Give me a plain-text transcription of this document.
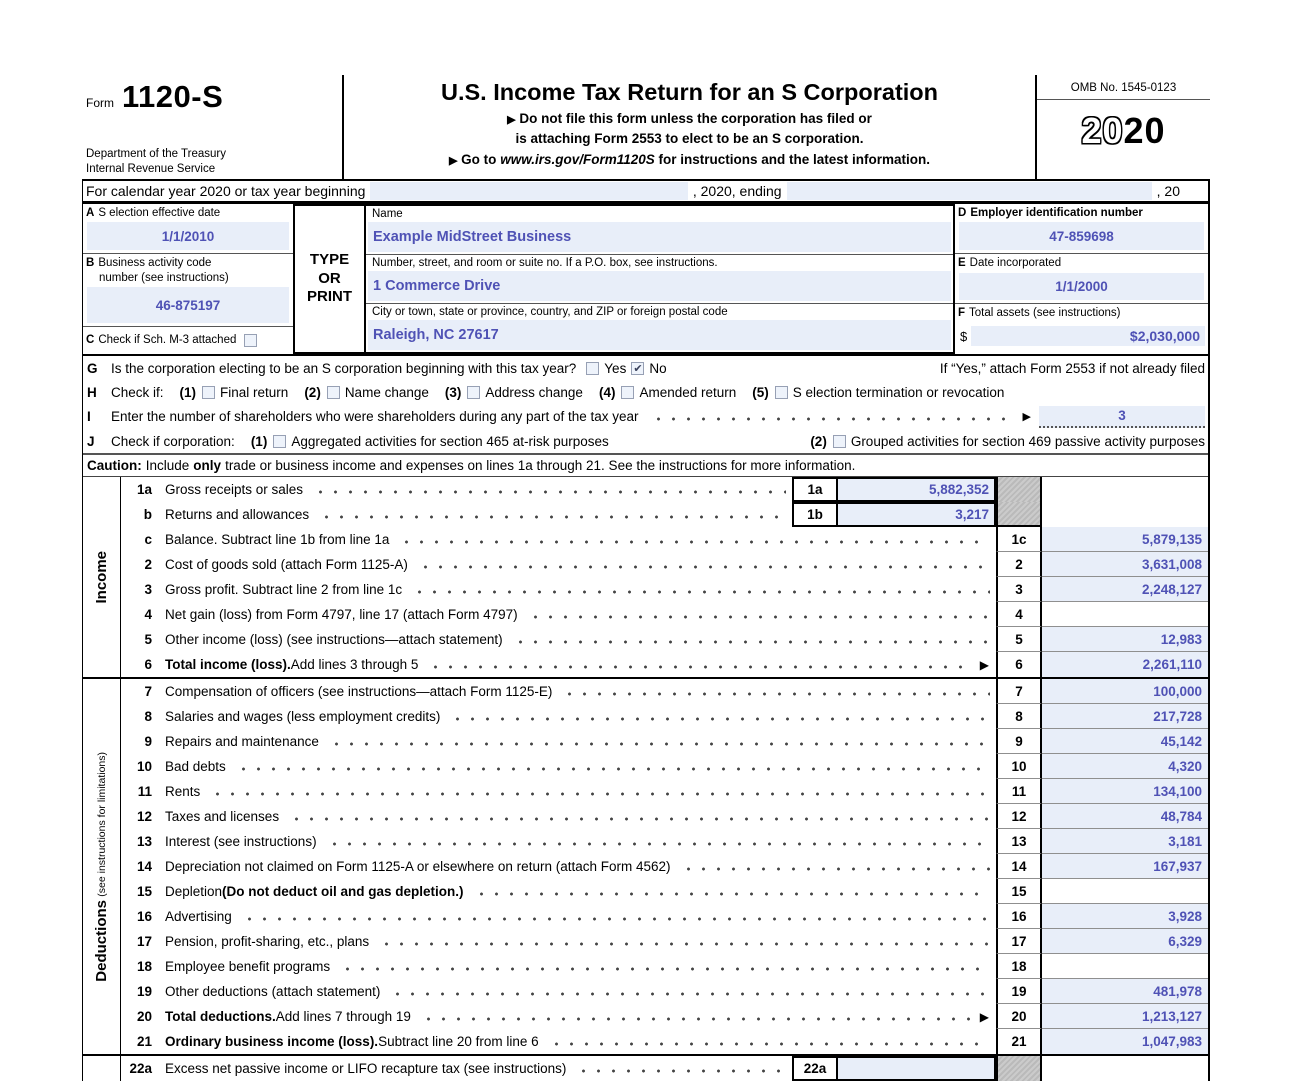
Form 1120-S
Department of the Treasury
Internal Revenue Service
U.S. Income Tax Return for an S Corporation
▶ Do not file this form unless the corporation has filed or
is attaching Form 2553 to elect to be an S corporation.
▶ Go to www.irs.gov/Form1120S for instructions and the latest information.
OMB No. 1545-0123
2020
For calendar year 2020 or tax year beginning	, 2020, ending	, 20
A S election effective date
1/1/2010
B Business activity code
number (see instructions)
46-875197
C Check if Sch. M-3 attached
TYPE
OR
PRINT
Name
Example MidStreet Business
Number, street, and room or suite no. If a P.O. box, see instructions.
1 Commerce Drive
City or town, state or province, country, and ZIP or foreign postal code
Raleigh, NC 27617
D Employer identification number
47-859698
E Date incorporated
1/1/2000
F Total assets (see instructions)
$	$2,030,000
G Is the corporation electing to be an S corporation beginning with this tax year? Yes ✔ No	If “Yes,” attach Form 2553 if not already filed
H	Check if: (1) Final return (2) Name change (3) Address change (4) Amended return (5) S election termination or revocation
I	Enter the number of shareholders who were shareholders during any part of the tax year	▶	3
J	Check if corporation: (1) Aggregated activities for section 465 at-risk purposes	(2) Grouped activities for section 469 passive activity purposes
Caution: Include only trade or business income and expenses on lines 1a through 21. See the instructions for more information.
Income
1a Gross receipts or sales	1a	5,882,352
b Returns and allowances	1b	3,217
c Balance. Subtract line 1b from line 1a	1c	5,879,135
2 Cost of goods sold (attach Form 1125-A)	2	3,631,008
3 Gross profit. Subtract line 2 from line 1c	3	2,248,127
4 Net gain (loss) from Form 4797, line 17 (attach Form 4797)	4
5 Other income (loss) (see instructions—attach statement)	5	12,983
6 Total income (loss). Add lines 3 through 5	▶	6	2,261,110
(see instructions for limitations)
Deductions
7 Compensation of officers (see instructions—attach Form 1125-E)	7	100,000
8 Salaries and wages (less employment credits)	8	217,728
9 Repairs and maintenance	9	45,142
10 Bad debts	10	4,320
11 Rents	11	134,100
12 Taxes and licenses	12	48,784
13 Interest (see instructions)	13	3,181
14 Depreciation not claimed on Form 1125-A or elsewhere on return (attach Form 4562)	14	167,937
15 Depletion (Do not deduct oil and gas depletion.)	15
16 Advertising	16	3,928
17 Pension, profit-sharing, etc., plans	17	6,329
18 Employee benefit programs	18
19 Other deductions (attach statement)	19	481,978
20 Total deductions. Add lines 7 through 19	▶	20	1,213,127
21 Ordinary business income (loss). Subtract line 20 from line 6	21	1,047,983
22a Excess net passive income or LIFO recapture tax (see instructions)	22a
